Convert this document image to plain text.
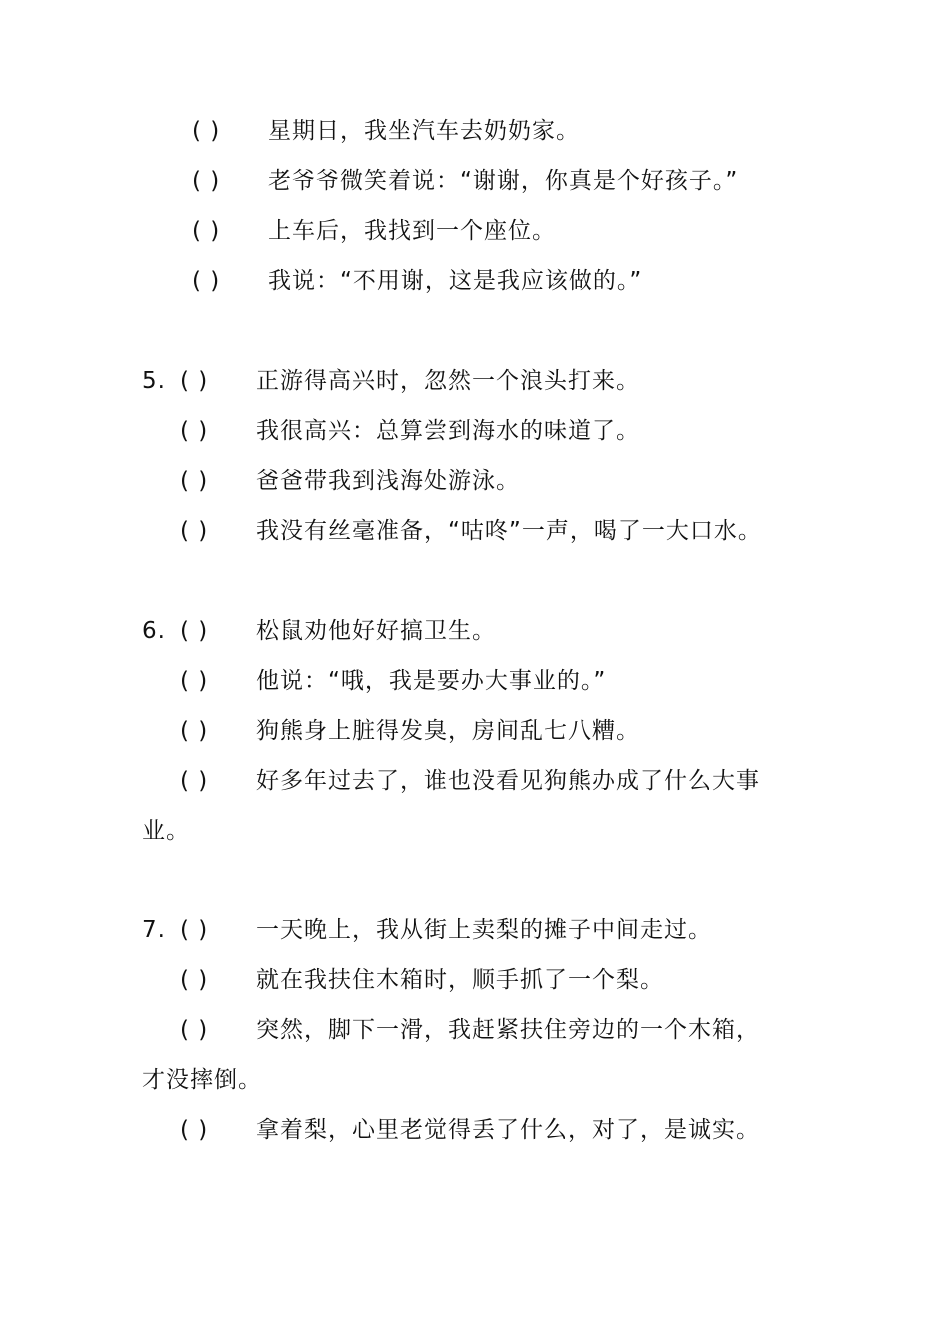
( ) 星期日，我坐汽车去奶奶家。
( ) 老爷爷微笑着说：“谢谢，你真是个好孩子。”
( ) 上车后，我找到一个座位。
( ) 我说：“不用谢，这是我应该做的。”
5. ( ) 正游得高兴时，忽然一个浪头打来。
( ) 我很高兴：总算尝到海水的味道了。
( ) 爸爸带我到浅海处游泳。
( ) 我没有丝毫准备，“咕咚”一声，喝了一大口水。
6. ( ) 松鼠劝他好好搞卫生。
( ) 他说：“哦，我是要办大事业的。”
( ) 狗熊身上脏得发臭，房间乱七八糟。
( ) 好多年过去了，谁也没看见狗熊办成了什么大事
业。
7. ( ) 一天晚上，我从街上卖梨的摊子中间走过。
( ) 就在我扶住木箱时，顺手抓了一个梨。
( ) 突然，脚下一滑，我赶紧扶住旁边的一个木箱，
才没摔倒。
( ) 拿着梨，心里老觉得丢了什么，对了，是诚实。
